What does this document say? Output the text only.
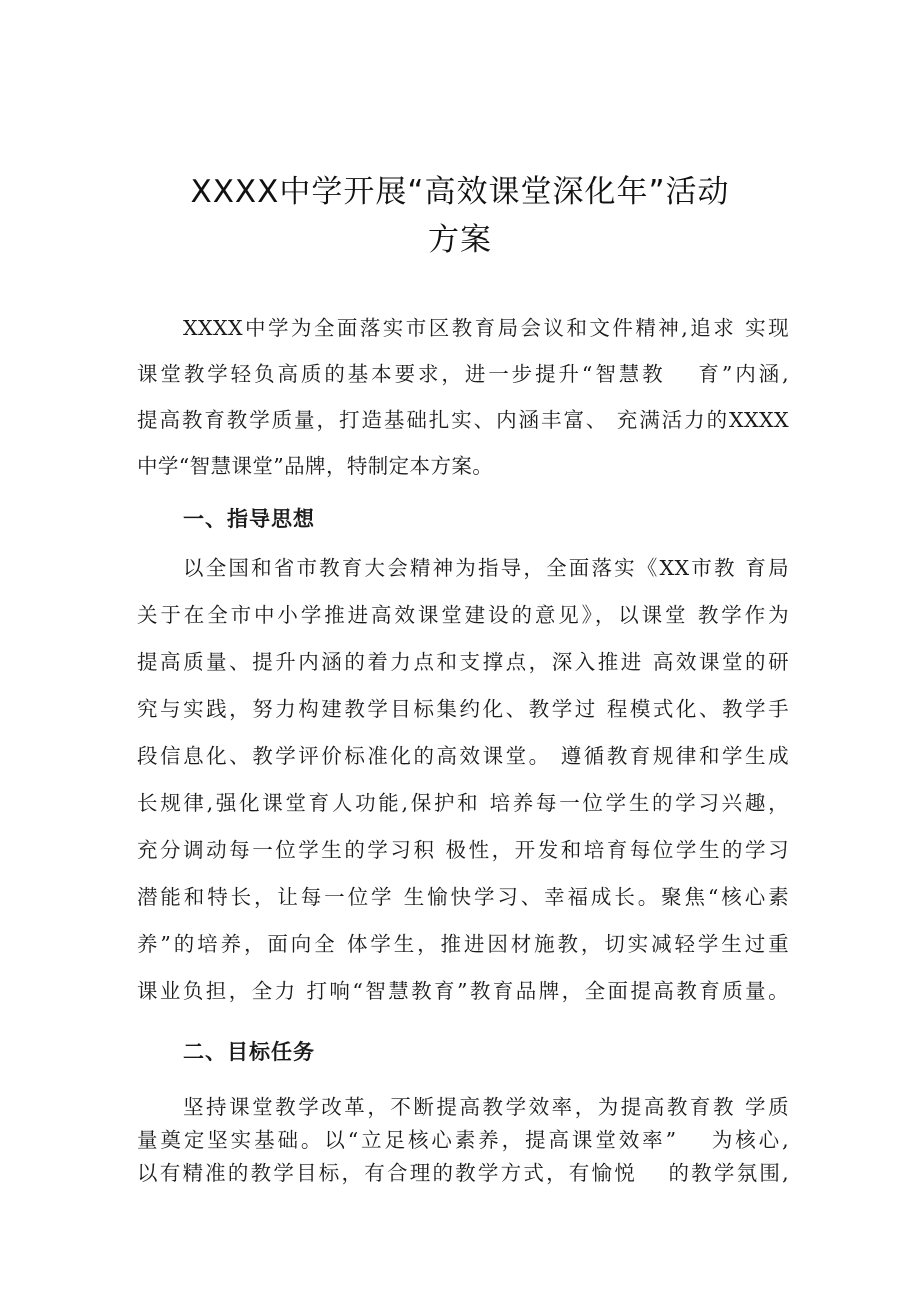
XXXX中学开展“高效课堂深化年”活动
方案
XXXX中学为全面落实市区教育局会议和文件精神,追求 实现
课堂教学轻负高质的基本要求，进一步提升“智慧教　 育”内涵,
提高教育教学质量，打造基础扎实、内涵丰富、 充满活力的XXXX
中学“智慧课堂”品牌，特制定本方案。
一、指导思想
以全国和省市教育大会精神为指导，全面落实《XX市教 育局
关于在全市中小学推进高效课堂建设的意见》，以课堂 教学作为
提高质量、提升内涵的着力点和支撑点，深入推进 高效课堂的研
究与实践，努力构建教学目标集约化、教学过 程模式化、教学手
段信息化、教学评价标准化的高效课堂。 遵循教育规律和学生成
长规律,强化课堂育人功能,保护和 培养每一位学生的学习兴趣，
充分调动每一位学生的学习积 极性，开发和培育每位学生的学习
潜能和特长，让每一位学 生愉快学习、幸福成长。聚焦“核心素
养”的培养，面向全 体学生，推进因材施教，切实减轻学生过重
课业负担，全力 打响“智慧教育”教育品牌，全面提高教育质量。
二、目标任务
坚持课堂教学改革，不断提高教学效率，为提高教育教 学质
量奠定坚实基础。以“立足核心素养，提高课堂效率”　 为核心,
以有精准的教学目标，有合理的教学方式，有愉悦　 的教学氛围,
